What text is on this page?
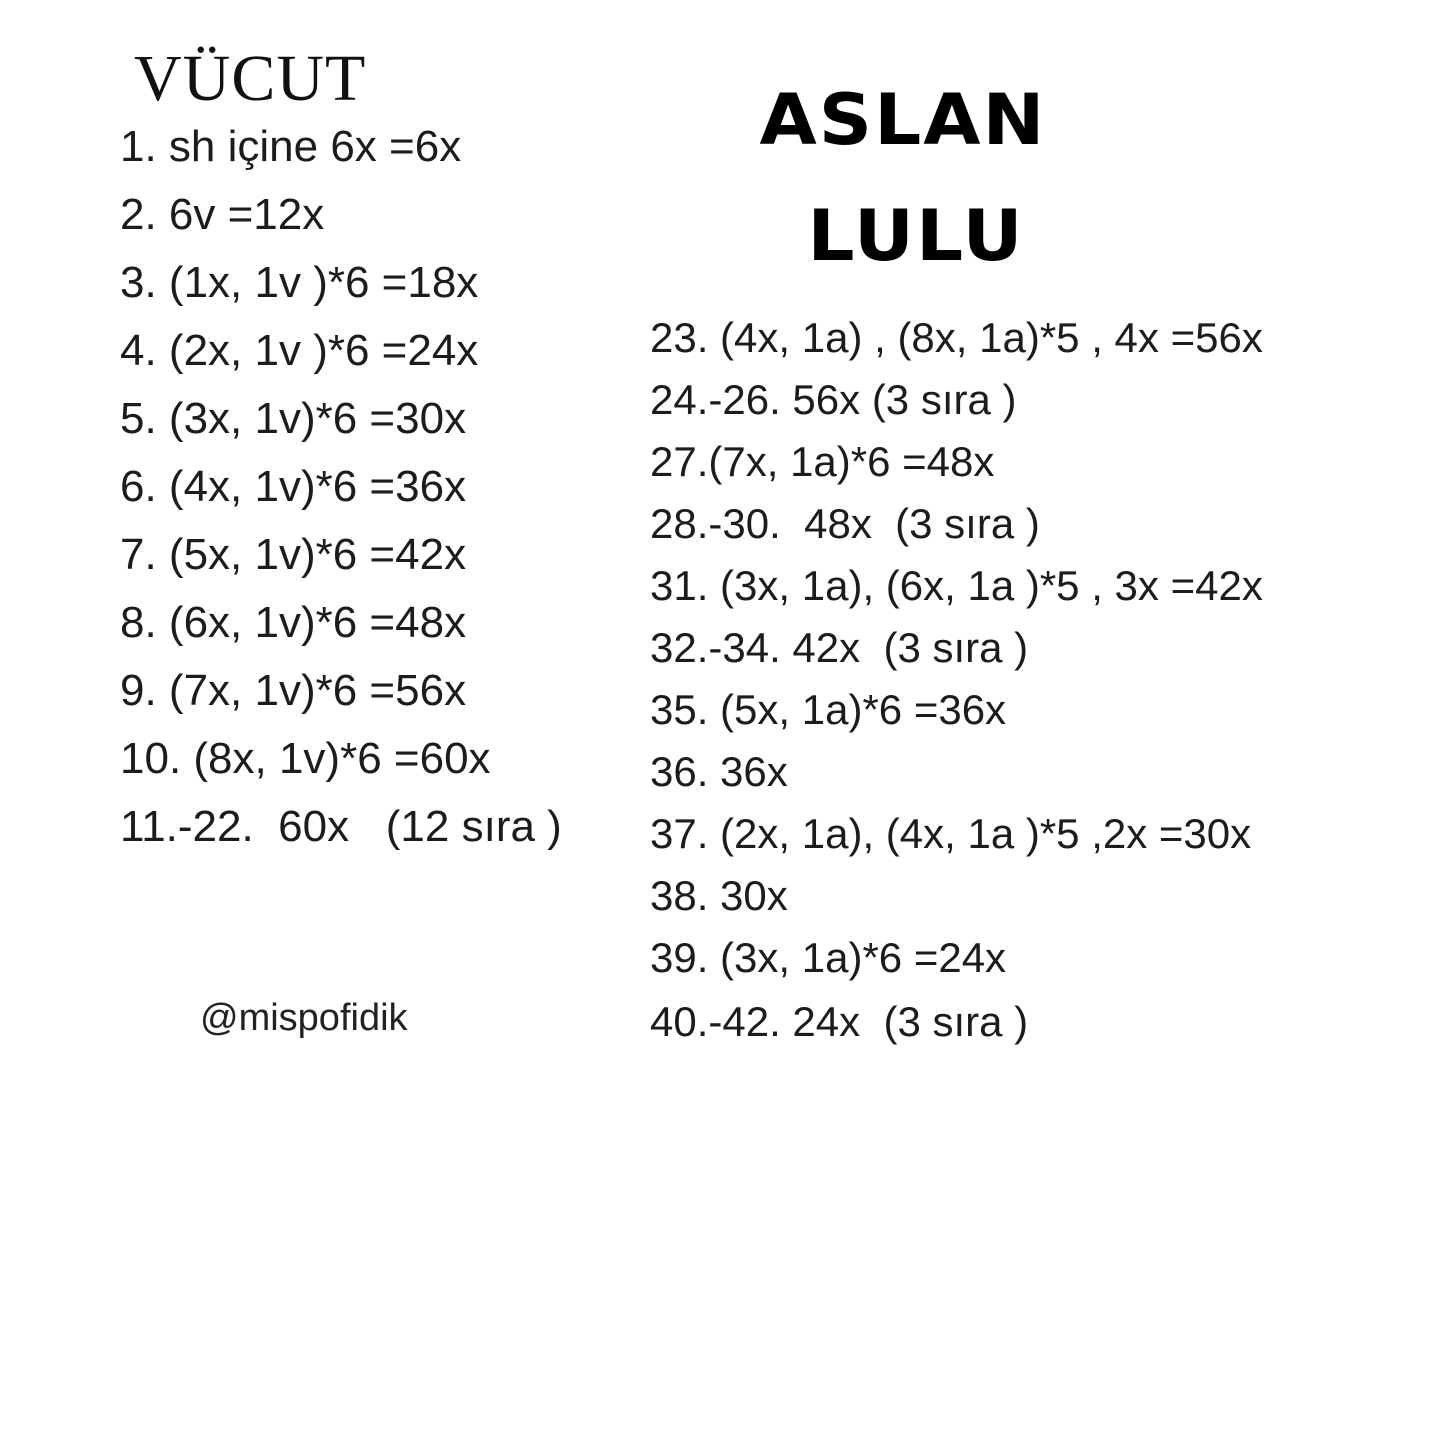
VÜCUT
ASLAN
LULU
1. sh içine 6x =6x
2. 6v =12x
3. (1x, 1v )*6 =18x
4. (2x, 1v )*6 =24x
5. (3x, 1v)*6 =30x
6. (4x, 1v)*6 =36x
7. (5x, 1v)*6 =42x
8. (6x, 1v)*6 =48x
9. (7x, 1v)*6 =56x
10. (8x, 1v)*6 =60x
11.-22.  60x   (12 sıra )
23. (4x, 1a) , (8x, 1a)*5 , 4x =56x
24.-26. 56x (3 sıra )
27.(7x, 1a)*6 =48x
28.-30.  48x  (3 sıra )
31. (3x, 1a), (6x, 1a )*5 , 3x =42x
32.-34. 42x  (3 sıra )
35. (5x, 1a)*6 =36x
36. 36x
37. (2x, 1a), (4x, 1a )*5 ,2x =30x
38. 30x
39. (3x, 1a)*6 =24x
40.-42. 24x  (3 sıra )
@mispofidik
